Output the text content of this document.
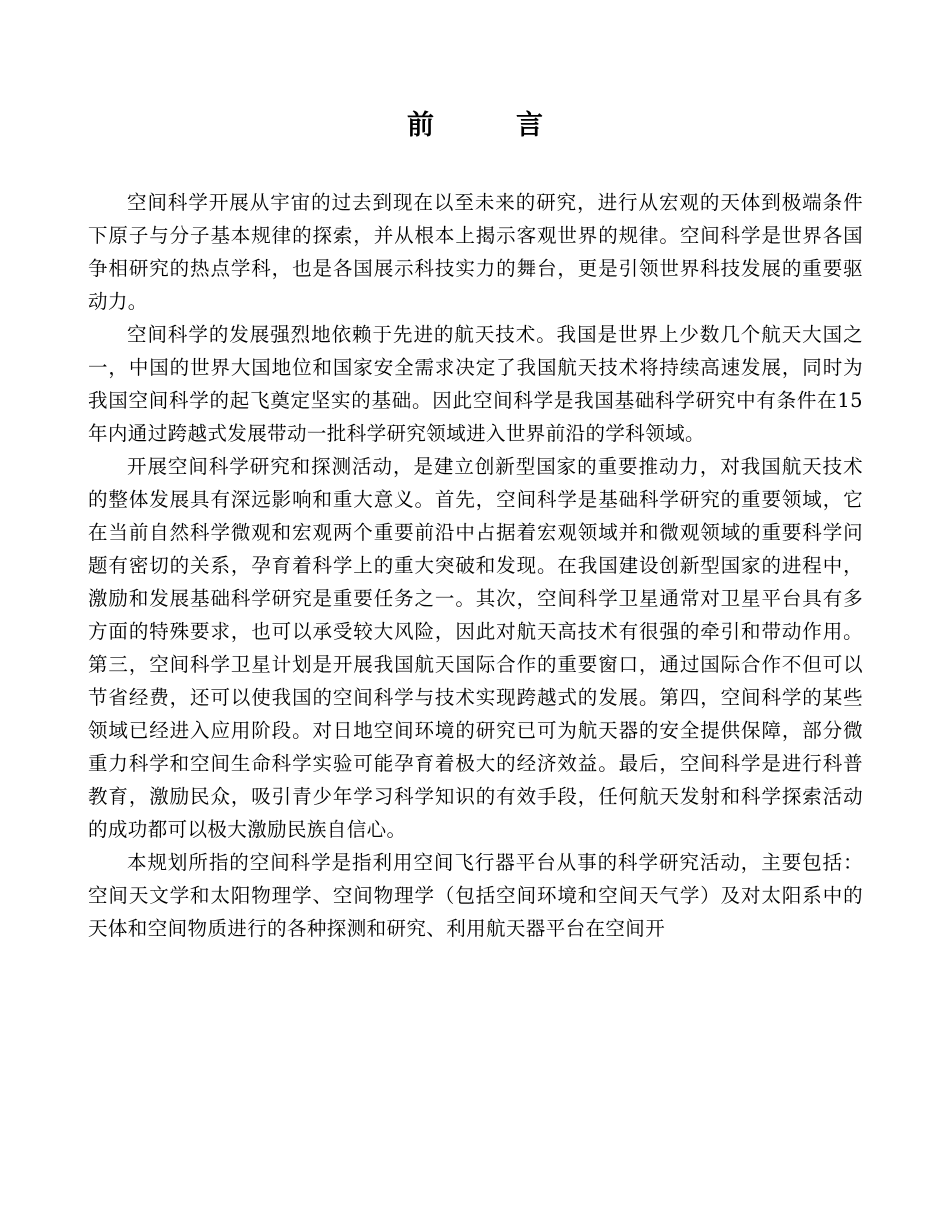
前	言

空间科学开展从宇宙的过去到现在以至未来的研究，进行从宏观的天体到极端条件下原子与分子基本规律的探索，并从根本上揭示客观世界的规律。空间科学是世界各国争相研究的热点学科，也是各国展示科技实力的舞台，更是引领世界科技发展的重要驱动力。

空间科学的发展强烈地依赖于先进的航天技术。我国是世界上少数几个航天大国之一，中国的世界大国地位和国家安全需求决定了我国航天技术将持续高速发展，同时为我国空间科学的起飞奠定坚实的基础。因此空间科学是我国基础科学研究中有条件在15年内通过跨越式发展带动一批科学研究领域进入世界前沿的学科领域。

开展空间科学研究和探测活动，是建立创新型国家的重要推动力，对我国航天技术的整体发展具有深远影响和重大意义。首先，空间科学是基础科学研究的重要领域，它在当前自然科学微观和宏观两个重要前沿中占据着宏观领域并和微观领域的重要科学问题有密切的关系，孕育着科学上的重大突破和发现。在我国建设创新型国家的进程中，激励和发展基础科学研究是重要任务之一。其次，空间科学卫星通常对卫星平台具有多方面的特殊要求，也可以承受较大风险，因此对航天高技术有很强的牵引和带动作用。第三，空间科学卫星计划是开展我国航天国际合作的重要窗口，通过国际合作不但可以节省经费，还可以使我国的空间科学与技术实现跨越式的发展。第四，空间科学的某些领域已经进入应用阶段。对日地空间环境的研究已可为航天器的安全提供保障，部分微重力科学和空间生命科学实验可能孕育着极大的经济效益。最后，空间科学是进行科普教育，激励民众，吸引青少年学习科学知识的有效手段，任何航天发射和科学探索活动的成功都可以极大激励民族自信心。

本规划所指的空间科学是指利用空间飞行器平台从事的科学研究活动，主要包括：空间天文学和太阳物理学、空间物理学（包括空间环境和空间天气学）及对太阳系中的天体和空间物质进行的各种探测和研究、利用航天器平台在空间开
